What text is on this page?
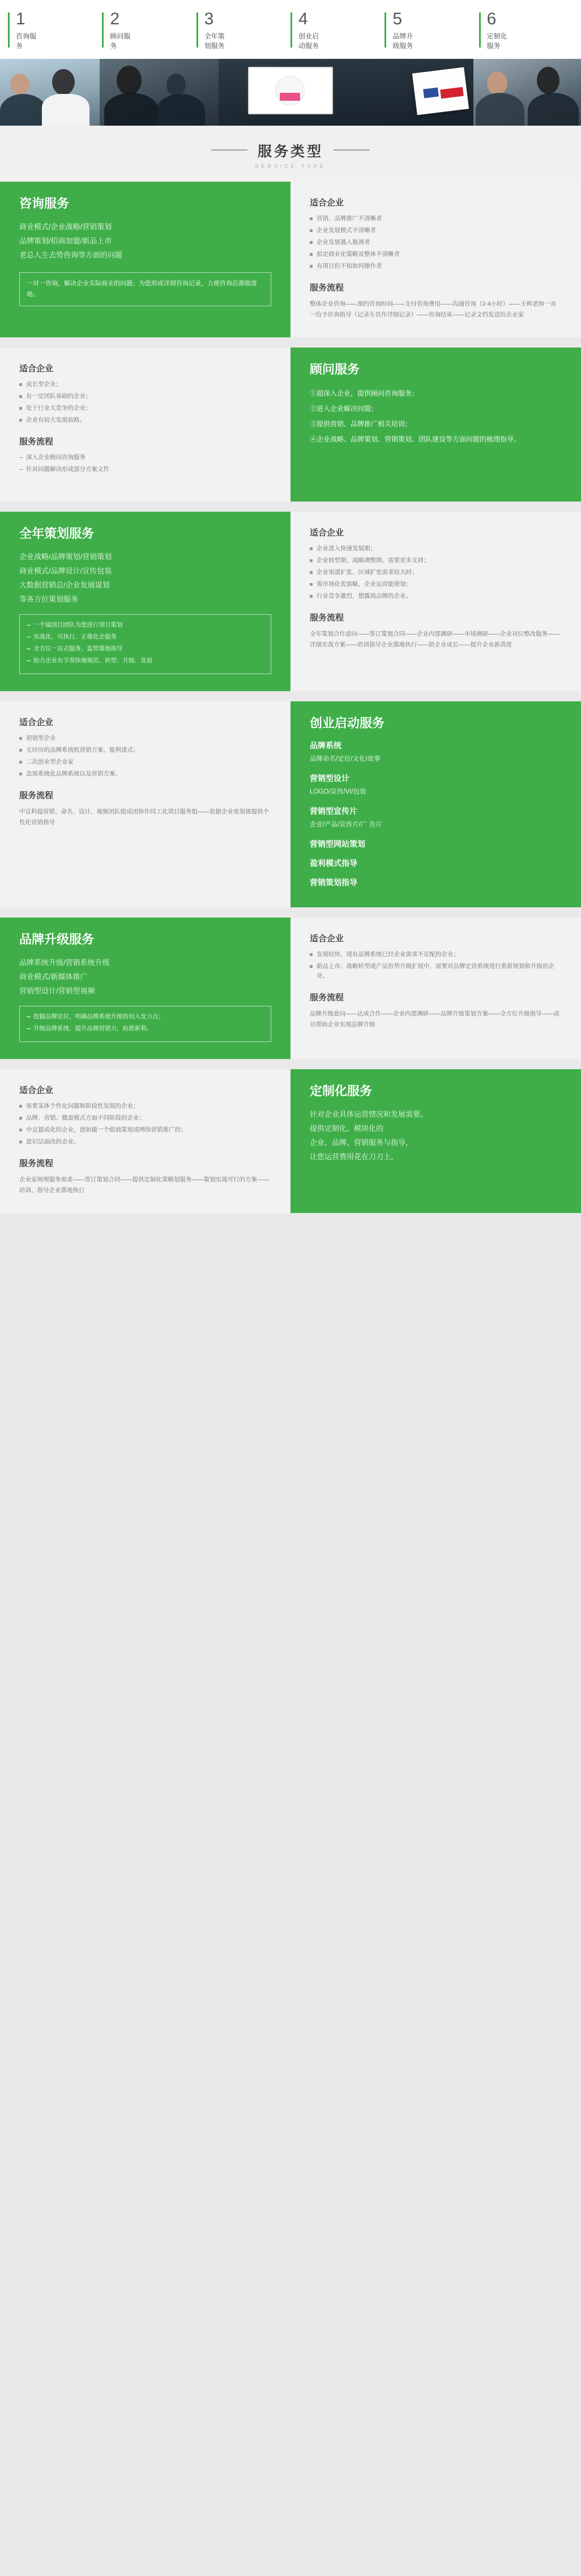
1
咨询服务
2
顾问服务
3
全年策划服务
4
创业启动服务
5
品牌升级服务
6
定制化服务
服务类型
SERVICE TYPE
咨询服务
商业模式/企业战略/营销策划
品牌策划/招商加盟/新品上市
老总人生去势咨询等方面的问题
一对一咨询，解决企业实际商业的问题；为您形成详细咨询记录，力使咨询后渐做落地。
适合企业
营销、品牌推广不清晰者
企业发展模式不清晰者
企业发展遇入瓶颈者
拟定商业化策略及整体不清晰者
有项目但不知如何操作者
服务流程
整体企业咨询——预约咨询时间——支付咨询费用——沟通咨询（2-4小时）——王辉老师一对一给予咨询指导（记录专员作详细记录）——咨询结束——记录文档发送给企业家
适合企业
成长型企业；
有一定团队基础的企业；
处于行业大竞争的企业；
企业有较大发展前路。
服务流程
深入企业顾问咨询服务
针对问题解决形成部分方案文件
顾问服务
①超深入企业，提供顾问咨询服务；
②进入企业解决问题；
③提供营销、品牌推广相关培训；
④企业战略、品牌策划、营销策划、团队建设等方面问题的梳理指导。
全年策划服务
企业战略/品牌策划/营销策划
商业模式/品牌设计/宣传包装
大数据营销总/企业发展谋划
等各方位策划服务
一个属国目团队为您进行项目策划
实战化、可执行、正像化企服务
全方位一站式服务，监管落地指导
助力企业有节奏快地规范、转型、升级、发展
适合企业
企业进入快速发展期；
企业转型期、战略调整期、需要更多支持；
企业渠道扩张、区域扩张需求较大时；
需市场化优需略，企业运营能规划；
行业竞争激烈，想露商品牌的企业。
服务流程
全年策划合作意向——签订策划合同——企业内部调研——市场调研——企业对位整改服务——详细实战方案——培训指导企业落地执行——陪企业成长——提升企业新高度
适合企业
初创型企业
无经历的品牌系统机营销方案、能利建式；
二次创业型企业家
急需系统化品牌系统以及营销方案。
服务流程
中宣科提营销、命名、设计、视频团队组成团协作同工化项目服务组——依据企业需划规提供个性化营销指导
创业启动服务
品牌系统
品牌命名/定位/文化/故事
营销型设计
LOGO/宣传/VI/包装
营销型宣传片
企业/产品/宣传片/广 告片
营销型网站策划
盈利模式指导
营销策划指导
品牌升级服务
品牌系统升级/营销系统升级
商业模式/新媒体推广
营销型设计/营销型视频
挖掘品牌定位，明确品牌系统升级的切入发力点；
升级品牌系统，提升品牌营销力，助推新利。
适合企业
发展较快、现有品牌系统已经企业需求不足配的企业；
新品上市、战略转型或产品形势升级扩展中，需要对品牌定营系统进行重新规划和升级的企业。
服务流程
品牌升级意向——达成合作——企业内部调研——品牌升级策划方案——全方位升级指导——成功帮助企业实现品牌升级
适合企业
需要某体个性化问题和阶段性发展的企业；
品牌、营销、微盘模式方面不同阶段的企业；
中宣提成化的企业，创如做一个组商策划或网络营销推广的；
意识层面改的企业。
服务流程
企业家规理服务需求——签订策划合同——提供定制化策略划服务——策划实战可行的方案——培训、指导企业落地执行
定制化服务
针对企业具体运营情况和发展需要。
提供定制化、模块化的
企业、品牌、营销服务与指导，
让您运营费用花在刀刃上。
